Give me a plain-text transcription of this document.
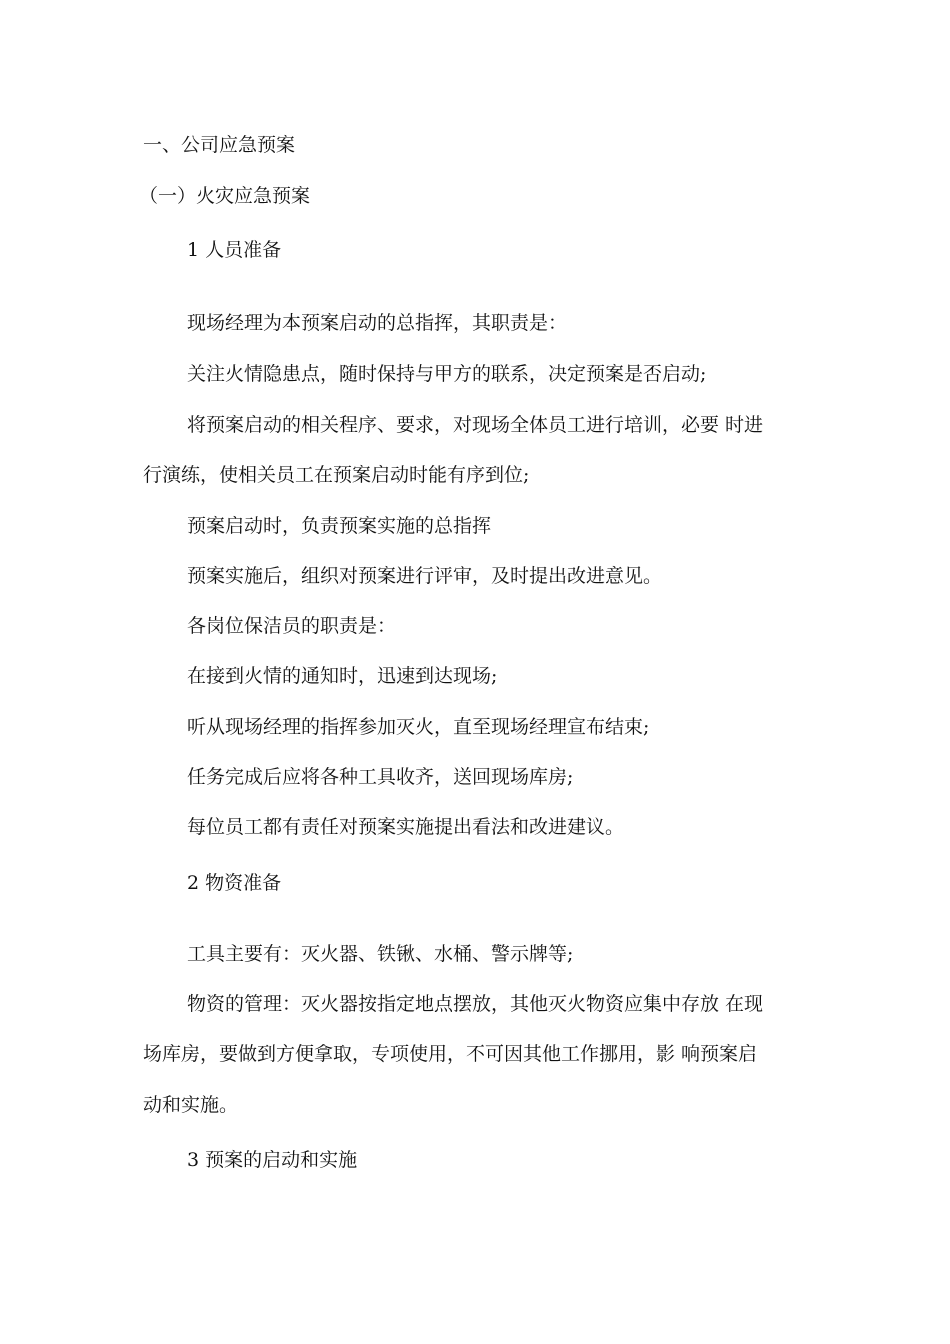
一、公司应急预案
（一）火灾应急预案
1 人员准备
现场经理为本预案启动的总指挥，其职责是：
关注火情隐患点，随时保持与甲方的联系，决定预案是否启动;
将预案启动的相关程序、要求，对现场全体员工进行培训，必要 时进
行演练，使相关员工在预案启动时能有序到位;
预案启动时，负责预案实施的总指挥
预案实施后，组织对预案进行评审，及时提出改进意见。
各岗位保洁员的职责是：
在接到火情的通知时，迅速到达现场;
听从现场经理的指挥参加灭火，直至现场经理宣布结束;
任务完成后应将各种工具收齐，送回现场库房;
每位员工都有责任对预案实施提出看法和改进建议。
2 物资准备
工具主要有：灭火器、铁锹、水桶、警示牌等;
物资的管理：灭火器按指定地点摆放，其他灭火物资应集中存放 在现
场库房，要做到方便拿取，专项使用，不可因其他工作挪用，影 响预案启
动和实施。
3 预案的启动和实施
